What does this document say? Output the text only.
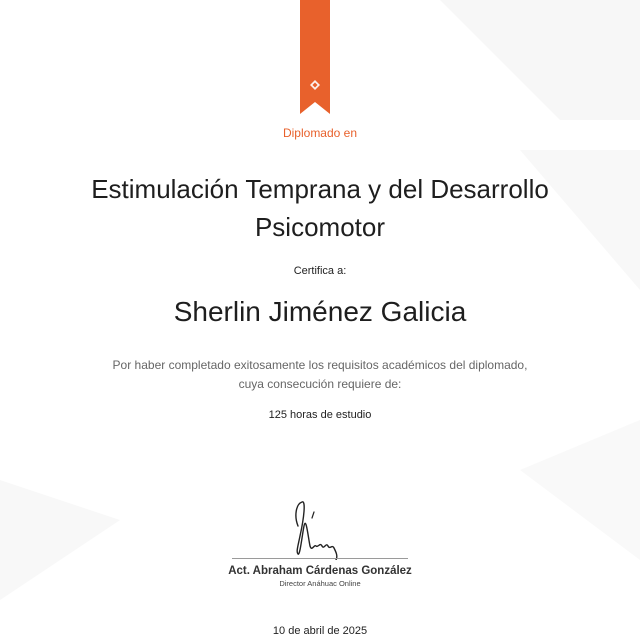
Diplomado en

Estimulación Temprana y del Desarrollo Psicomotor

Certifica a:

Sherlin Jiménez Galicia

Por haber completado exitosamente los requisitos académicos del diplomado, cuya consecución requiere de:

125 horas de estudio

Act. Abraham Cárdenas González

Director Anáhuac Online

10 de abril de 2025
